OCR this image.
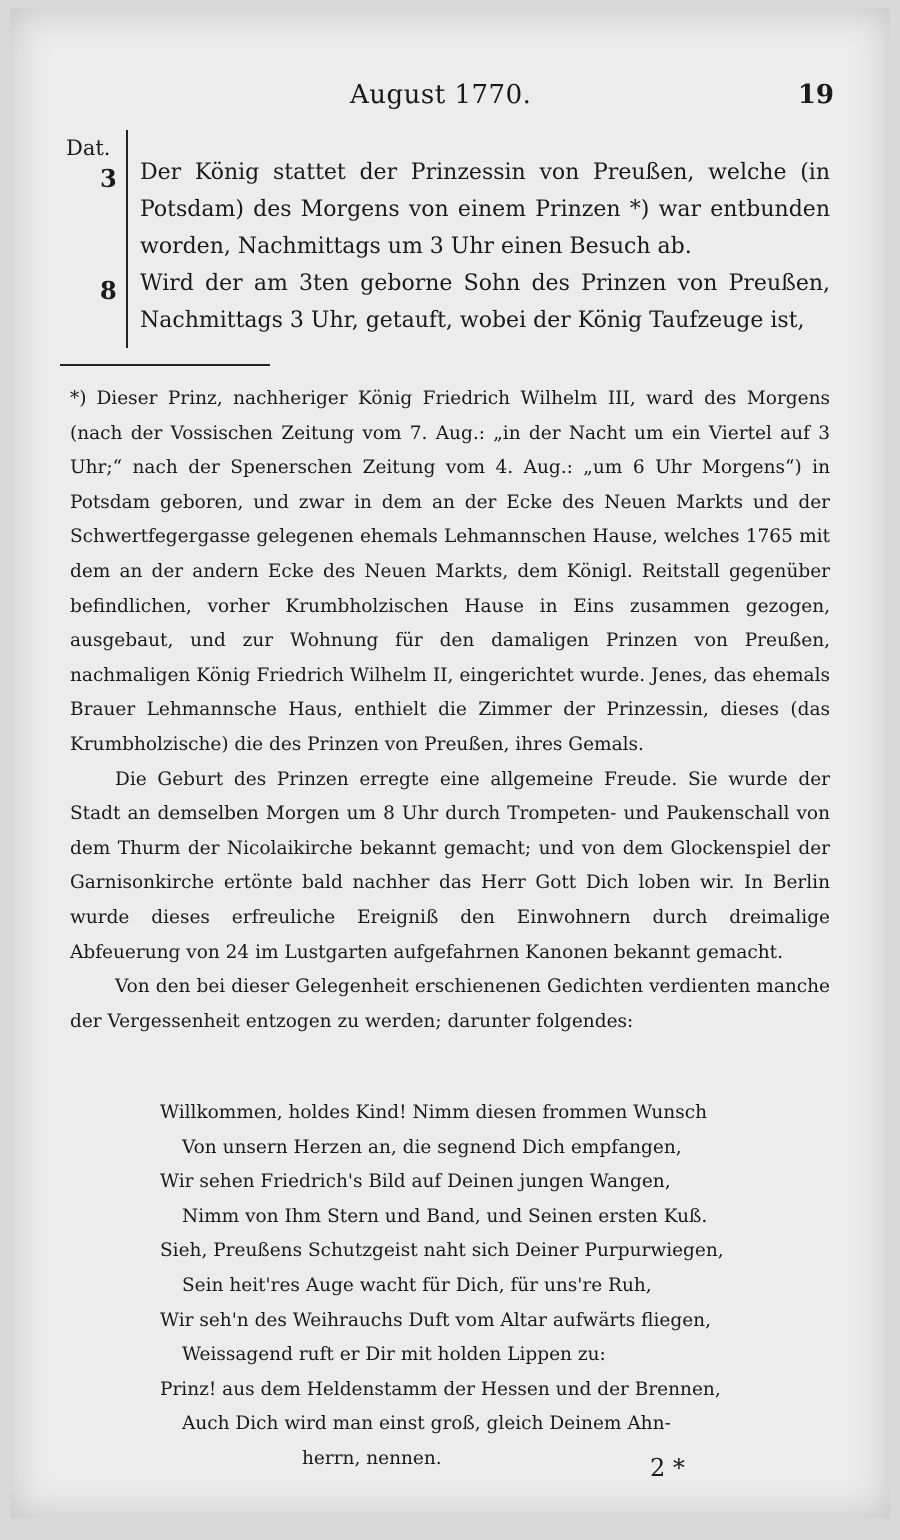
August 1770.	19
Dat.
3
8

Der König stattet der Prinzessin von Preußen, welche (in Potsdam) des Morgens von einem Prinzen *) war entbunden worden, Nachmittags um 3 Uhr einen Besuch ab.

Wird der am 3ten geborne Sohn des Prinzen von Preußen, Nachmittags 3 Uhr, getauft, wobei der König Taufzeuge ist,

*) Dieser Prinz, nachheriger König Friedrich Wilhelm III, ward des Morgens (nach der Vossischen Zeitung vom 7. Aug.: „in der Nacht um ein Viertel auf 3 Uhr;“ nach der Spenerschen Zeitung vom 4. Aug.: „um 6 Uhr Morgens“) in Potsdam geboren, und zwar in dem an der Ecke des Neuen Markts und der Schwertfegergasse gelegenen ehemals Lehmannschen Hause, welches 1765 mit dem an der andern Ecke des Neuen Markts, dem Königl. Reitstall gegenüber befindlichen, vorher Krumbholzischen Hause in Eins zusammen gezogen, ausgebaut, und zur Wohnung für den damaligen Prinzen von Preußen, nachmaligen König Friedrich Wilhelm II, eingerichtet wurde. Jenes, das ehemals Brauer Lehmannsche Haus, enthielt die Zimmer der Prinzessin, dieses (das Krumbholzische) die des Prinzen von Preußen, ihres Gemals.

Die Geburt des Prinzen erregte eine allgemeine Freude. Sie wurde der Stadt an demselben Morgen um 8 Uhr durch Trompeten- und Paukenschall von dem Thurm der Nicolaikirche bekannt gemacht; und von dem Glockenspiel der Garnisonkirche ertönte bald nachher das Herr Gott Dich loben wir. In Berlin wurde dieses erfreuliche Ereigniß den Einwohnern durch dreimalige Abfeuerung von 24 im Lustgarten aufgefahrnen Kanonen bekannt gemacht.

Von den bei dieser Gelegenheit erschienenen Gedichten verdienten manche der Vergessenheit entzogen zu werden; darunter folgendes:

Willkommen, holdes Kind! Nimm diesen frommen Wunsch

Von unsern Herzen an, die segnend Dich empfangen,

Wir sehen Friedrich's Bild auf Deinen jungen Wangen,

Nimm von Ihm Stern und Band, und Seinen ersten Kuß.

Sieh, Preußens Schutzgeist naht sich Deiner Purpurwiegen,

Sein heit'res Auge wacht für Dich, für uns're Ruh,

Wir seh'n des Weihrauchs Duft vom Altar aufwärts fliegen,

Weissagend ruft er Dir mit holden Lippen zu:

Prinz! aus dem Heldenstamm der Hessen und der Brennen,

Auch Dich wird man einst groß, gleich Deinem Ahn-

herrn, nennen.	2 *
